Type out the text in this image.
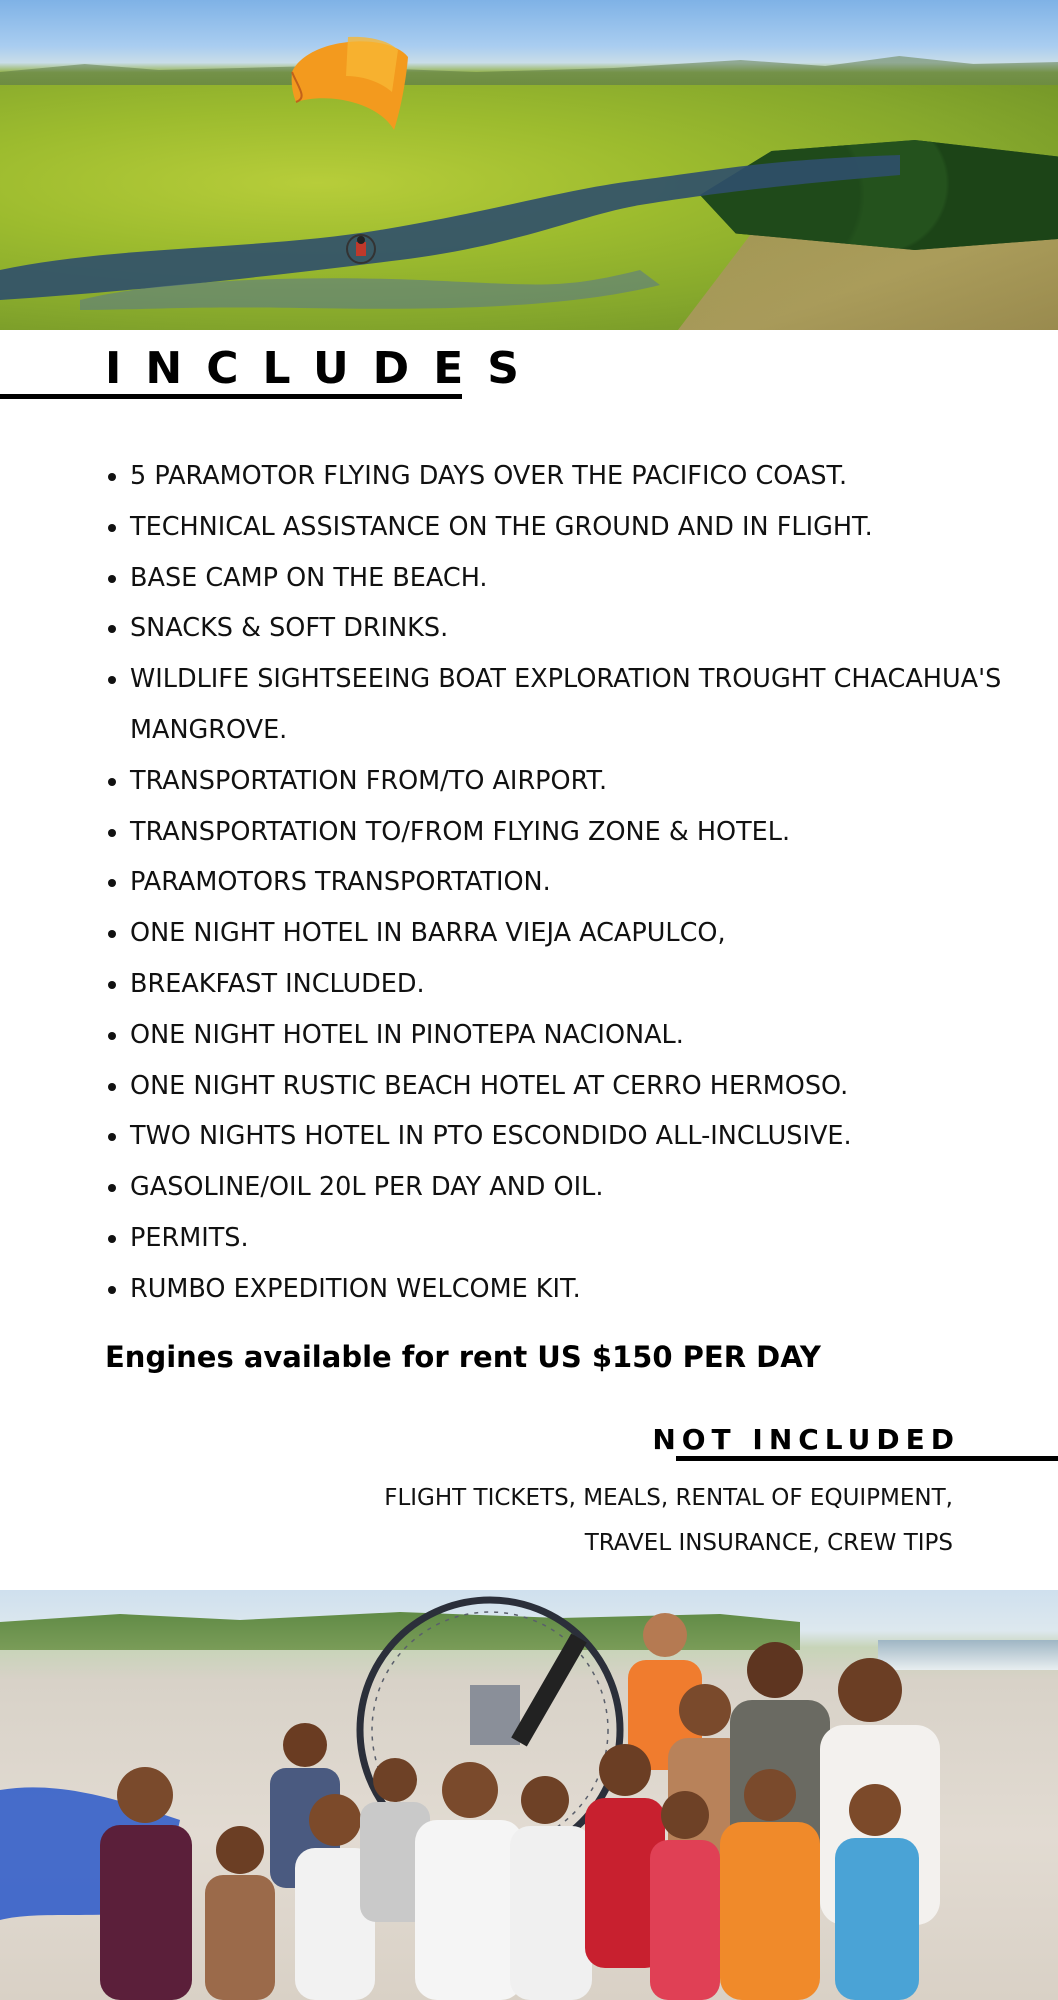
INCLUDES
• 5 PARAMOTOR FLYING DAYS OVER THE PACIFICO COAST.
• TECHNICAL ASSISTANCE ON THE GROUND AND IN FLIGHT.
• BASE CAMP ON THE BEACH.
• SNACKS & SOFT DRINKS.
• WILDLIFE SIGHTSEEING BOAT EXPLORATION TROUGHT CHACAHUA'S MANGROVE.
• TRANSPORTATION FROM/TO AIRPORT.
• TRANSPORTATION TO/FROM FLYING ZONE & HOTEL.
• PARAMOTORS TRANSPORTATION.
• ONE NIGHT HOTEL IN BARRA VIEJA ACAPULCO,
• BREAKFAST INCLUDED.
• ONE NIGHT HOTEL IN PINOTEPA NACIONAL.
• ONE NIGHT RUSTIC BEACH HOTEL AT CERRO HERMOSO.
• TWO NIGHTS HOTEL IN PTO ESCONDIDO ALL-INCLUSIVE.
• GASOLINE/OIL 20L PER DAY AND OIL.
• PERMITS.
• RUMBO EXPEDITION WELCOME KIT.

Engines available for rent US $150 PER DAY

NOT INCLUDED
FLIGHT TICKETS, MEALS, RENTAL OF EQUIPMENT,
TRAVEL INSURANCE, CREW TIPS
